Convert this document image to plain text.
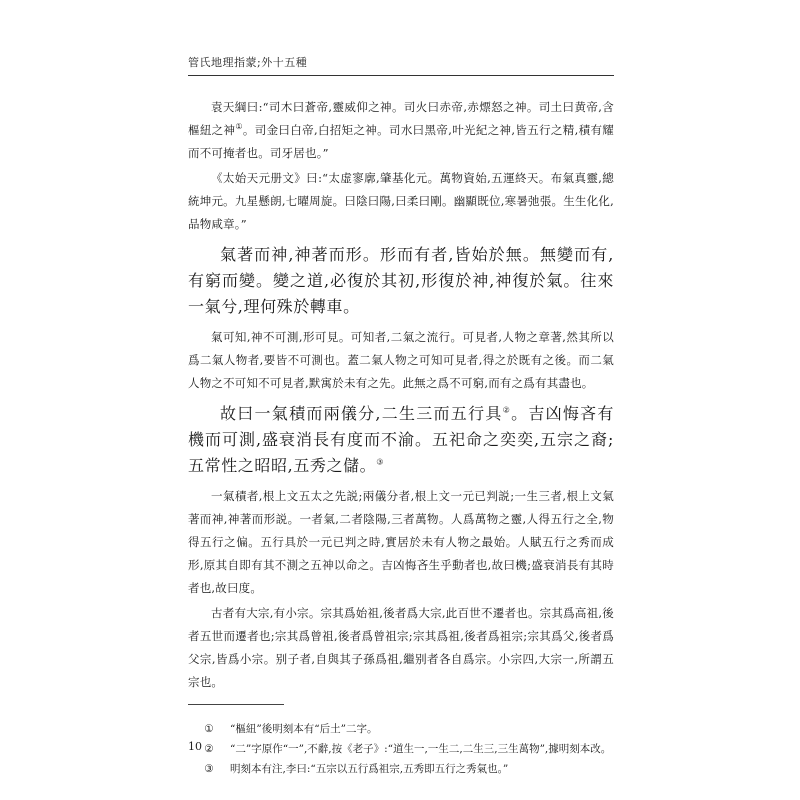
管氏地理指蒙;外十五種

袁天綱曰:“司木曰蒼帝,靈威仰之神。司火曰赤帝,赤熛怒之神。司土曰黄帝,含樞紐之神①。司金曰白帝,白招矩之神。司水曰黑帝,叶光紀之神,皆五行之精,積有耀而不可掩者也。司牙居也。”

《太始天元册文》曰:“太虚寥廓,肇基化元。萬物資始,五運終天。布氣真靈,總統坤元。九星懸朗,七曜周旋。曰陰曰陽,曰柔曰剛。幽顯既位,寒暑弛張。生生化化,品物咸章。”

氣著而神,神著而形。形而有者,皆始於無。無變而有,有窮而變。變之道,必復於其初,形復於神,神復於氣。往來一氣兮,理何殊於轉車。

氣可知,神不可測,形可見。可知者,二氣之流行。可見者,人物之章著,然其所以爲二氣人物者,要皆不可測也。蓋二氣人物之可知可見者,得之於既有之後。而二氣人物之不可知不可見者,默寓於未有之先。此無之爲不可窮,而有之爲有其盡也。

故曰一氣積而兩儀分,二生三而五行具②。吉凶悔吝有機而可測,盛衰消長有度而不渝。五祀命之奕奕,五宗之裔;五常性之昭昭,五秀之儲。③

一氣積者,根上文五太之先説;兩儀分者,根上文一元已判説;一生三者,根上文氣著而神,神著而形説。一者氣,二者陰陽,三者萬物。人爲萬物之靈,人得五行之全,物得五行之偏。五行具於一元已判之時,實居於未有人物之最始。人賦五行之秀而成形,原其自即有其不測之五神以命之。吉凶悔吝生乎動者也,故曰機;盛衰消長有其時者也,故曰度。

古者有大宗,有小宗。宗其爲始祖,後者爲大宗,此百世不遷者也。宗其爲高祖,後者五世而遷者也;宗其爲曾祖,後者爲曾祖宗;宗其爲祖,後者爲祖宗;宗其爲父,後者爲父宗,皆爲小宗。别子者,自與其子孫爲祖,繼别者各自爲宗。小宗四,大宗一,所謂五宗也。

① “樞紐”後明刻本有“后土”二字。

② “二”字原作“一”,不辭,按《老子》:“道生一,一生二,二生三,三生萬物”,據明刻本改。

③ 明刻本有注,李曰:“五宗以五行爲祖宗,五秀即五行之秀氣也。”

10
